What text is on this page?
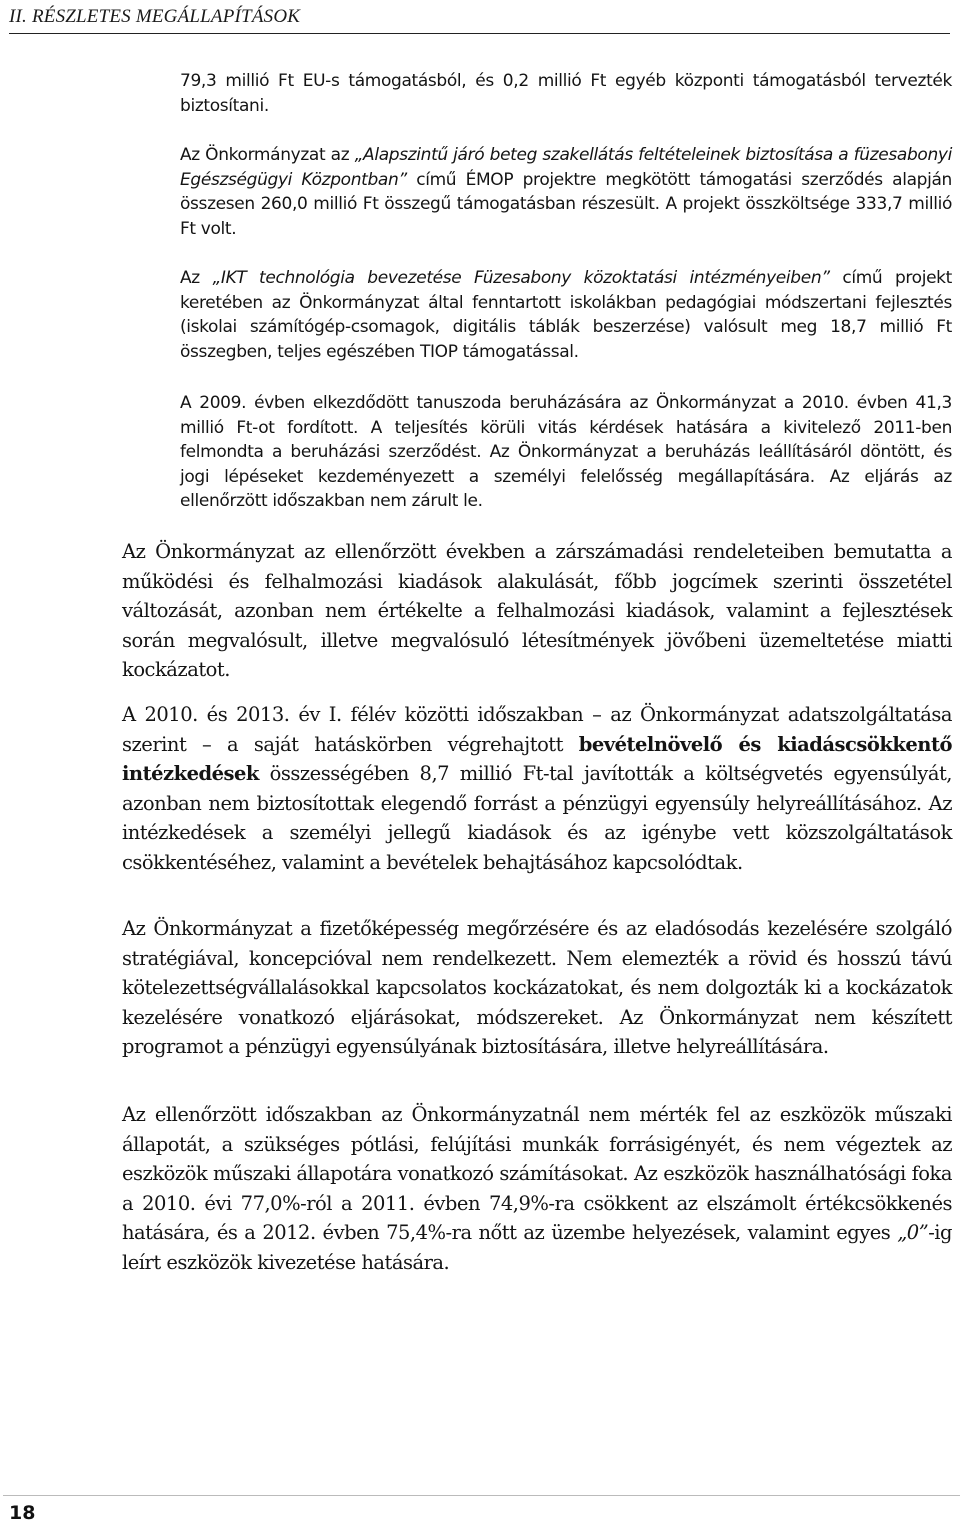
II. RÉSZLETES MEGÁLLAPÍTÁSOK

79,3 millió Ft EU-s támogatásból, és 0,2 millió Ft egyéb központi támogatásból tervezték biztosítani.

Az Önkormányzat az „Alapszintű járó beteg szakellátás feltételeinek biztosítása a füzesabonyi Egészségügyi Központban” című ÉMOP projektre megkötött támogatási szerződés alapján összesen 260,0 millió Ft összegű támogatásban részesült. A projekt összköltsége 333,7 millió Ft volt.

Az „IKT technológia bevezetése Füzesabony közoktatási intézményeiben” című projekt keretében az Önkormányzat által fenntartott iskolákban pedagógiai módszertani fejlesztés (iskolai számítógép-csomagok, digitális táblák beszerzése) valósult meg 18,7 millió Ft összegben, teljes egészében TIOP támogatással.

A 2009. évben elkezdődött tanuszoda beruházására az Önkormányzat a 2010. évben 41,3 millió Ft-ot fordított. A teljesítés körüli vitás kérdések hatására a kivitelező 2011-ben felmondta a beruházási szerződést. Az Önkormányzat a beruházás leállításáról döntött, és jogi lépéseket kezdeményezett a személyi felelősség megállapítására. Az eljárás az ellenőrzött időszakban nem zárult le.

Az Önkormányzat az ellenőrzött években a zárszámadási rendeleteiben bemutatta a működési és felhalmozási kiadások alakulását, főbb jogcímek szerinti összetétel változását, azonban nem értékelte a felhalmozási kiadások, valamint a fejlesztések során megvalósult, illetve megvalósuló létesítmények jövőbeni üzemeltetése miatti kockázatot.

A 2010. és 2013. év I. félév közötti időszakban – az Önkormányzat adatszolgáltatása szerint – a saját hatáskörben végrehajtott bevételnövelő és kiadáscsökkentő intézkedések összességében 8,7 millió Ft-tal javították a költségvetés egyensúlyát, azonban nem biztosítottak elegendő forrást a pénzügyi egyensúly helyreállításához. Az intézkedések a személyi jellegű kiadások és az igénybe vett közszolgáltatások csökkentéséhez, valamint a bevételek behajtásához kapcsolódtak.

Az Önkormányzat a fizetőképesség megőrzésére és az eladósodás kezelésére szolgáló stratégiával, koncepcióval nem rendelkezett. Nem elemezték a rövid és hosszú távú kötelezettségvállalásokkal kapcsolatos kockázatokat, és nem dolgozták ki a kockázatok kezelésére vonatkozó eljárásokat, módszereket. Az Önkormányzat nem készített programot a pénzügyi egyensúlyának biztosítására, illetve helyreállítására.

Az ellenőrzött időszakban az Önkormányzatnál nem mérték fel az eszközök műszaki állapotát, a szükséges pótlási, felújítási munkák forrásigényét, és nem végeztek az eszközök műszaki állapotára vonatkozó számításokat. Az eszközök használhatósági foka a 2010. évi 77,0%-ról a 2011. évben 74,9%-ra csökkent az elszámolt értékcsökkenés hatására, és a 2012. évben 75,4%-ra nőtt az üzembe helyezések, valamint egyes „0”-ig leírt eszközök kivezetése hatására.

18
